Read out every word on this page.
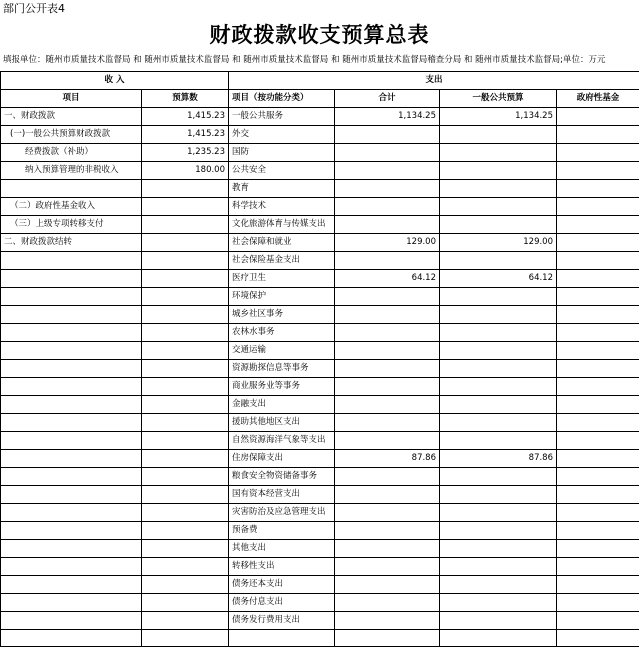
部门公开表4
财政拨款收支预算总表
填报单位：随州市质量技术监督局 和 随州市质量技术监督局 和 随州市质量技术监督局 和 随州市质量技术监督局稽查分局 和 随州市质量技术监督局;单位：万元
收 入		支出			
项目	预算数	项目（按功能分类）	合计	一般公共预算	政府性基金
一、财政拨款	1,415.23	一般公共服务	1,134.25	1,134.25	
(一)一般公共预算财政拨款	1,415.23	外交			
经费拨款（补助）	1,235.23	国防			
纳入预算管理的非税收入	180.00	公共安全			
		教育			
（二）政府性基金收入		科学技术			
（三）上级专项转移支付		文化旅游体育与传媒支出			
二、财政拨款结转		社会保障和就业	129.00	129.00	
		社会保险基金支出			
		医疗卫生	64.12	64.12	
		环境保护			
		城乡社区事务			
		农林水事务			
		交通运输			
		资源勘探信息等事务			
		商业服务业等事务			
		金融支出			
		援助其他地区支出			
		自然资源海洋气象等支出			
		住房保障支出	87.86	87.86	
		粮食安全物资储备事务			
		国有资本经营支出			
		灾害防治及应急管理支出			
		预备费			
		其他支出			
		转移性支出			
		债务还本支出			
		债务付息支出			
		债务发行费用支出			
